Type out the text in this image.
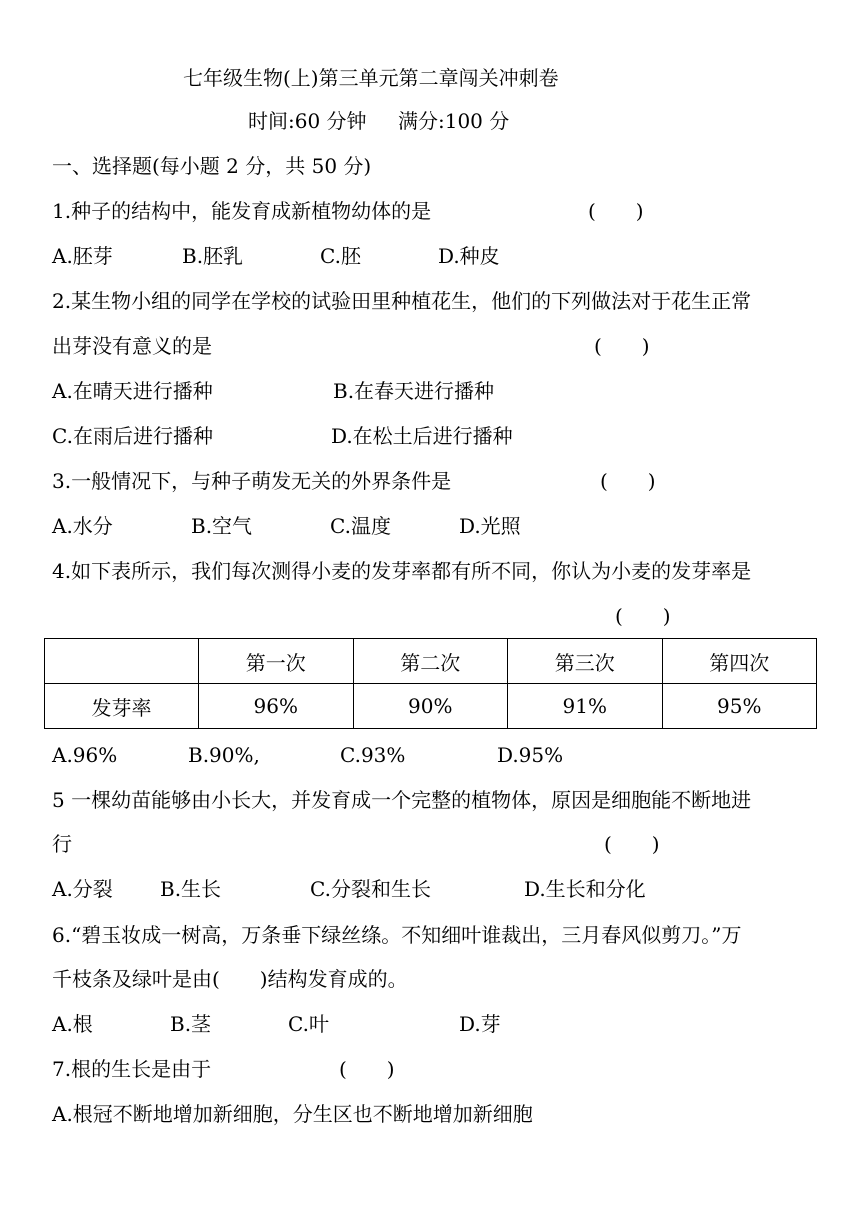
七年级生物(上)第三单元第二章闯关冲刺卷
时间:60 分钟 满分:100 分
一、选择题(每小题 2 分，共 50 分)
1.种子的结构中，能发育成新植物幼体的是	(　　)
A.胚芽	B.胚乳	C.胚	D.种皮
2.某生物小组的同学在学校的试验田里种植花生，他们的下列做法对于花生正常
出芽没有意义的是	(　　)
A.在晴天进行播种	B.在春天进行播种
C.在雨后进行播种	D.在松土后进行播种
3.一般情况下，与种子萌发无关的外界条件是	(　　)
A.水分	B.空气	C.温度	D.光照
4.如下表所示，我们每次测得小麦的发芽率都有所不同，你认为小麦的发芽率是
(　　)
	第一次	第二次	第三次	第四次
发芽率	96%	90%	91%	95%
A.96%	B.90%,	C.93%	D.95%
5 一棵幼苗能够由小长大，并发育成一个完整的植物体，原因是细胞能不断地进
行	(　　)
A.分裂 B.生长	C.分裂和生长	D.生长和分化
6.“碧玉妆成一树高，万条垂下绿丝绦。不知细叶谁裁出，三月春风似剪刀。”万
千枝条及绿叶是由(　　)结构发育成的。
A.根	B.茎	C.叶	D.芽
7.根的生长是由于	(　　)
A.根冠不断地增加新细胞，分生区也不断地增加新细胞
